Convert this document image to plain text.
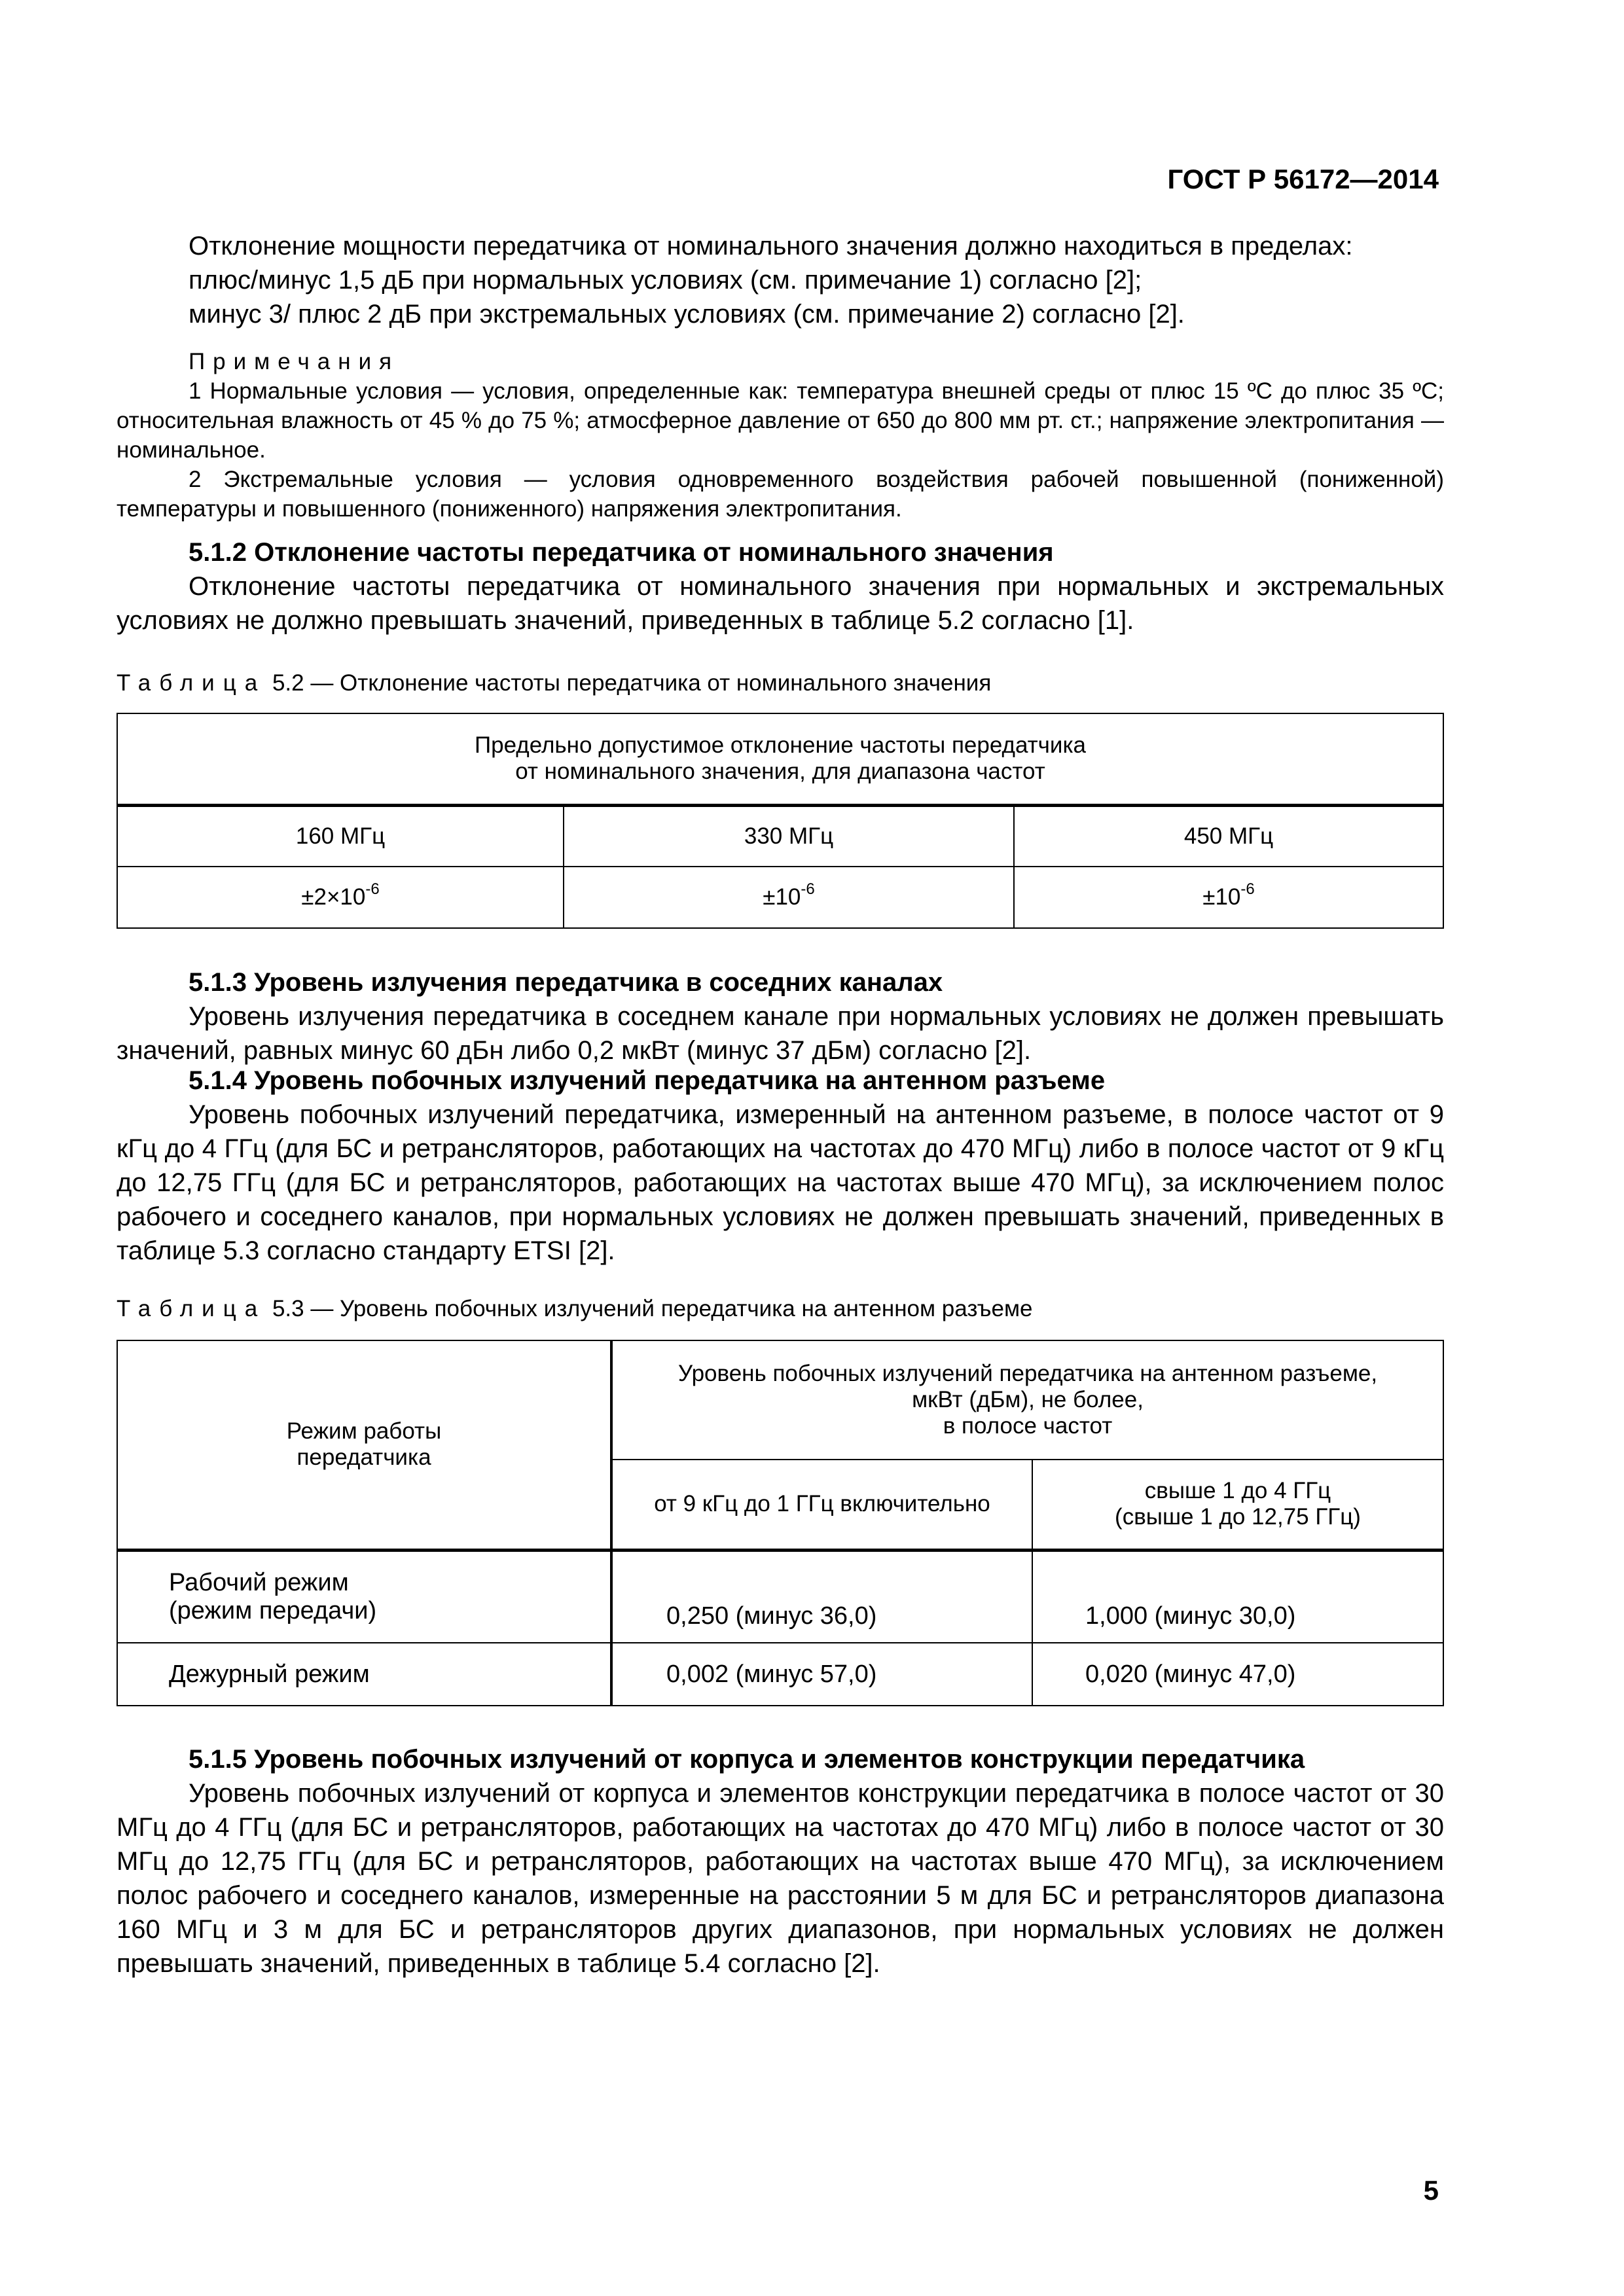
ГОСТ Р 56172—2014
Отклонение мощности передатчика от номинального значения должно находиться в пределах:
плюс/минус 1,5 дБ при нормальных условиях (см. примечание 1) согласно [2];
минус 3/ плюс 2 дБ при экстремальных условиях (см. примечание 2) согласно [2].
Примечания
1 Нормальные условия — условия, определенные как: температура внешней среды от плюс 15 ºС до плюс 35 ºС; относительная влажность от 45 % до 75 %; атмосферное давление от 650 до 800 мм рт. ст.; напряжение электропитания — номинальное.
2 Экстремальные условия — условия одновременного воздействия рабочей повышенной (пониженной) температуры и повышенного (пониженного) напряжения электропитания.
5.1.2 Отклонение частоты передатчика от номинального значения
Отклонение частоты передатчика от номинального значения при нормальных и экстремальных условиях не должно превышать значений, приведенных в таблице 5.2 согласно [1].
Таблица 5.2 — Отклонение частоты передатчика от номинального значения
Предельно допустимое отклонение частоты передатчика
от номинального значения, для диапазона частот		

160 МГц	330 МГц	450 МГц
$\pm 2\times 10^{-6}$	$\pm 10^{-6}$	$\pm 10^{-6}$
5.1.3 Уровень излучения передатчика в соседних каналах
Уровень излучения передатчика в соседнем канале при нормальных условиях не должен превышать значений, равных минус 60 дБн либо 0,2 мкВт (минус 37 дБм) согласно [2].
5.1.4 Уровень побочных излучений передатчика на антенном разъеме
Уровень побочных излучений передатчика, измеренный на антенном разъеме, в полосе частот от 9 кГц до 4 ГГц (для БС и ретрансляторов, работающих на частотах до 470 МГц) либо в полосе частот от 9 кГц до 12,75 ГГц (для БС и ретрансляторов, работающих на частотах выше 470 МГц), за исключением полос рабочего и соседнего каналов, при нормальных условиях не должен превышать значений, приведенных в таблице 5.3 согласно стандарту ETSI [2].
Таблица 5.3 — Уровень побочных излучений передатчика на антенном разъеме
Режим работы
передатчика	Уровень побочных излучений передатчика на антенном разъеме,
мкВт (дБм), не более,
в полосе частот	

	от 9 кГц до 1 ГГц включительно	свыше 1 до 4 ГГц
(свыше 1 до 12,75 ГГц)

Рабочий режим
(режим передачи)	0,250 (минус 36,0)	1,000 (минус 30,0)
Дежурный режим	0,002 (минус 57,0)	0,020 (минус 47,0)
5.1.5 Уровень побочных излучений от корпуса и элементов конструкции передатчика
Уровень побочных излучений от корпуса и элементов конструкции передатчика в полосе частот от 30 МГц до 4 ГГц (для БС и ретрансляторов, работающих на частотах до 470 МГц) либо в полосе частот от 30 МГц до 12,75 ГГц (для БС и ретрансляторов, работающих на частотах выше 470 МГц), за исключением полос рабочего и соседнего каналов, измеренные на расстоянии 5 м для БС и ретрансляторов диапазона 160 МГц и 3 м для БС и ретрансляторов других диапазонов, при нормальных условиях не должен превышать значений, приведенных в таблице 5.4 согласно [2].
5
